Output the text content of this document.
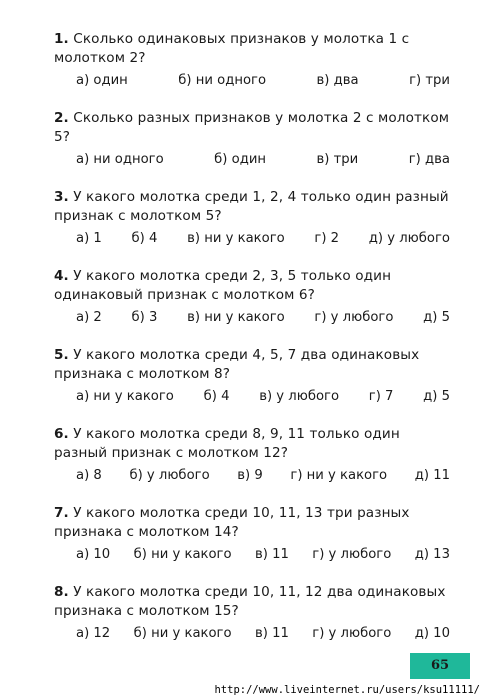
1. Сколько одинаковых признаков у молотка 1 с молотком 2?
а) один	б) ни одного	в) два	г) три
2. Сколько разных признаков у молотка 2 с молотком 5?
а) ни одного	б) один	в) три	г) два
3. У какого молотка среди 1, 2, 4 только один разный признак с молотком 5?
а) 1 б) 4 в) ни у какого г) 2 д) у любого
4. У какого молотка среди 2, 3, 5 только один одинаковый признак с молотком 6?
а) 2 б) 3 в) ни у какого г) у любого д) 5
5. У какого молотка среди 4, 5, 7 два одинаковых признака с молотком 8?
а) ни у какого б) 4 в) у любого г) 7 д) 5
6. У какого молотка среди 8, 9, 11 только один разный признак с молотком 12?
а) 8 б) у любого в) 9 г) ни у какого д) 11
7. У какого молотка среди 10, 11, 13 три разных признака с молотком 14?
а) 10 б) ни у какого в) 11 г) у любого д) 13
8. У какого молотка среди 10, 11, 12 два одинаковых признака с молотком 15?
а) 12 б) ни у какого в) 11 г) у любого д) 10
65
http://www.liveinternet.ru/users/ksu11111/
